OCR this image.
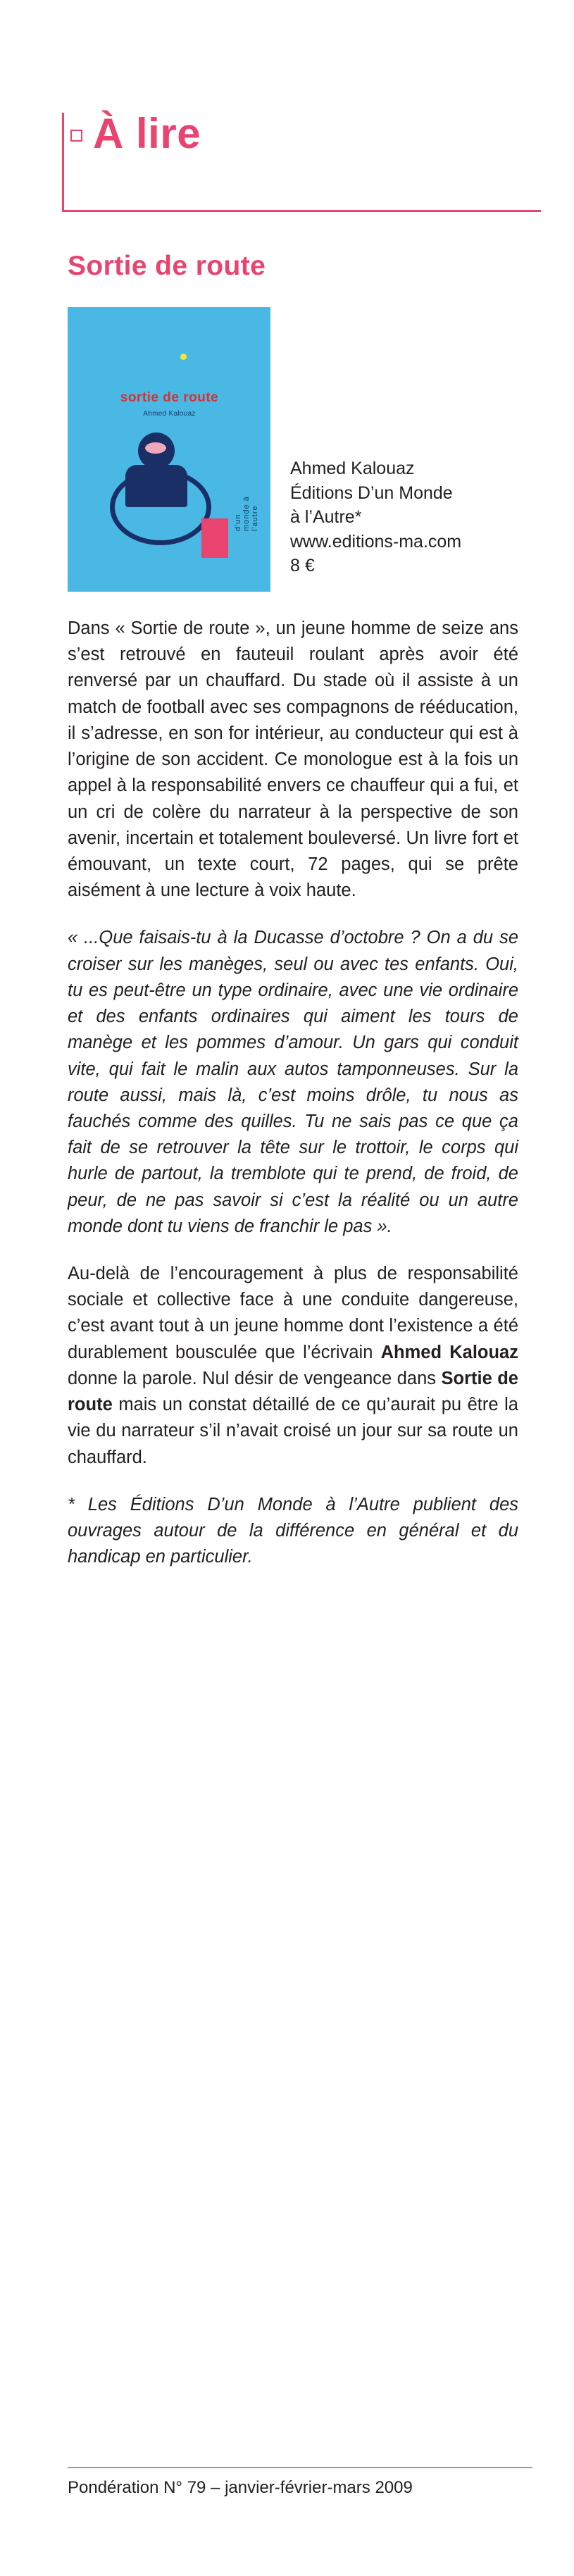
À lire
Sortie de route
sortie de route
Ahmed Kalouaz
d'un monde à l'autre
Ahmed Kalouaz
Éditions D’un Monde
à l’Autre*
www.editions-ma.com
8 €

Dans « Sortie de route », un jeune homme de seize ans s’est retrouvé en fauteuil roulant après avoir été renversé par un chauffard. Du stade où il assiste à un match de football avec ses compagnons de rééducation, il s’adresse, en son for intérieur, au conducteur qui est à l’origine de son accident. Ce monologue est à la fois un appel à la responsabilité envers ce chauffeur qui a fui, et un cri de colère du narrateur à la perspective de son avenir, incertain et totalement bouleversé. Un livre fort et émouvant, un texte court, 72 pages, qui se prête aisément à une lecture à voix haute.

« ...Que faisais-tu à la Ducasse d’octobre ? On a du se croiser sur les manèges, seul ou avec tes enfants. Oui, tu es peut-être un type ordinaire, avec une vie ordinaire et des enfants ordinaires qui aiment les tours de manège et les pommes d’amour. Un gars qui conduit vite, qui fait le malin aux autos tamponneuses. Sur la route aussi, mais là, c’est moins drôle, tu nous as fauchés comme des quilles. Tu ne sais pas ce que ça fait de se retrouver la tête sur le trottoir, le corps qui hurle de partout, la tremblote qui te prend, de froid, de peur, de ne pas savoir si c’est la réalité ou un autre monde dont tu viens de franchir le pas ».

Au-delà de l’encouragement à plus de responsabilité sociale et collective face à une conduite dangereuse, c’est avant tout à un jeune homme dont l’existence a été durablement bousculée que l’écrivain Ahmed Kalouaz donne la parole. Nul désir de vengeance dans Sortie de route mais un constat détaillé de ce qu’aurait pu être la vie du narrateur s’il n’avait croisé un jour sur sa route un chauffard.

* Les Éditions D’un Monde à l’Autre publient des ouvrages autour de la différence en général et du handicap en particulier.

Pondération N° 79 – janvier-février-mars 2009
